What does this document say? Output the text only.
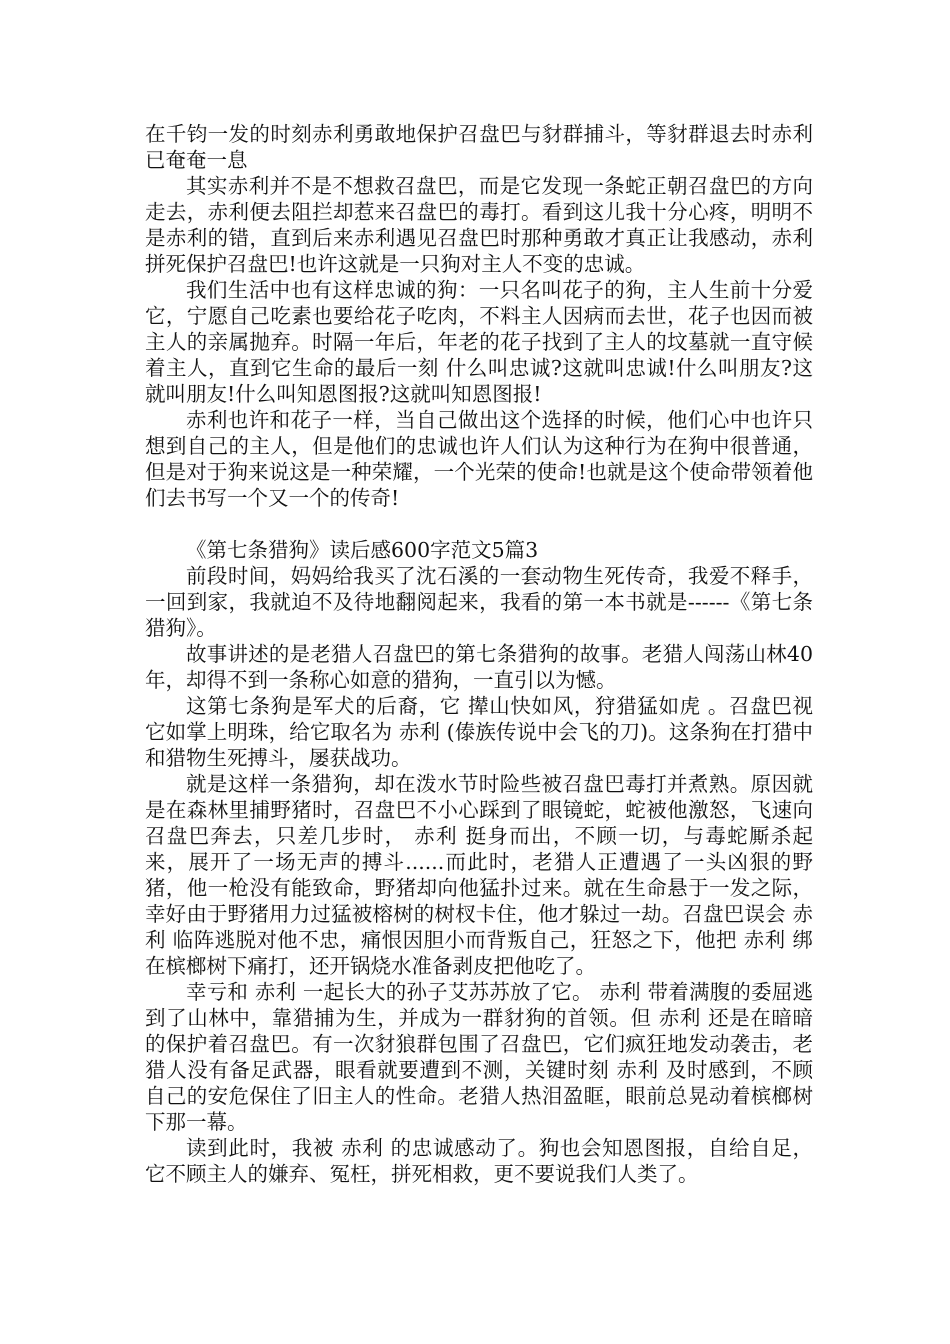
在千钧一发的时刻赤利勇敢地保护召盘巴与豺群捕斗，等豺群退去时赤利已奄奄一息

其实赤利并不是不想救召盘巴，而是它发现一条蛇正朝召盘巴的方向走去，赤利便去阻拦却惹来召盘巴的毒打。看到这儿我十分心疼，明明不是赤利的错，直到后来赤利遇见召盘巴时那种勇敢才真正让我感动，赤利拼死保护召盘巴!也许这就是一只狗对主人不变的忠诚。

我们生活中也有这样忠诚的狗：一只名叫花子的狗，主人生前十分爱它，宁愿自己吃素也要给花子吃肉，不料主人因病而去世，花子也因而被主人的亲属抛弃。时隔一年后，年老的花子找到了主人的坟墓就一直守候着主人，直到它生命的最后一刻 什么叫忠诚?这就叫忠诚!什么叫朋友?这就叫朋友!什么叫知恩图报?这就叫知恩图报!

赤利也许和花子一样，当自己做出这个选择的时候，他们心中也许只想到自己的主人，但是他们的忠诚也许人们认为这种行为在狗中很普通，但是对于狗来说这是一种荣耀，一个光荣的使命!也就是这个使命带领着他们去书写一个又一个的传奇!

《第七条猎狗》读后感600字范文5篇3

前段时间，妈妈给我买了沈石溪的一套动物生死传奇，我爱不释手，一回到家，我就迫不及待地翻阅起来，我看的第一本书就是------《第七条猎狗》。

故事讲述的是老猎人召盘巴的第七条猎狗的故事。老猎人闯荡山林40年，却得不到一条称心如意的猎狗，一直引以为憾。

这第七条狗是军犬的后裔，它 撵山快如风，狩猎猛如虎 。召盘巴视它如掌上明珠，给它取名为 赤利 (傣族传说中会飞的刀)。这条狗在打猎中和猎物生死搏斗，屡获战功。

就是这样一条猎狗，却在泼水节时险些被召盘巴毒打并煮熟。原因就是在森林里捕野猪时，召盘巴不小心踩到了眼镜蛇，蛇被他激怒，飞速向召盘巴奔去，只差几步时， 赤利 挺身而出，不顾一切，与毒蛇厮杀起来，展开了一场无声的搏斗......而此时，老猎人正遭遇了一头凶狠的野猪，他一枪没有能致命，野猪却向他猛扑过来。就在生命悬于一发之际，幸好由于野猪用力过猛被榕树的树杈卡住，他才躲过一劫。召盘巴误会 赤利 临阵逃脱对他不忠，痛恨因胆小而背叛自己，狂怒之下，他把 赤利 绑在槟榔树下痛打，还开锅烧水准备剥皮把他吃了。

幸亏和 赤利 一起长大的孙子艾苏苏放了它。 赤利 带着满腹的委屈逃到了山林中，靠猎捕为生，并成为一群豺狗的首领。但 赤利 还是在暗暗的保护着召盘巴。有一次豺狼群包围了召盘巴，它们疯狂地发动袭击，老猎人没有备足武器，眼看就要遭到不测，关键时刻 赤利 及时感到，不顾自己的安危保住了旧主人的性命。老猎人热泪盈眶，眼前总晃动着槟榔树下那一幕。

读到此时，我被 赤利 的忠诚感动了。狗也会知恩图报，自给自足，它不顾主人的嫌弃、冤枉，拼死相救，更不要说我们人类了。
